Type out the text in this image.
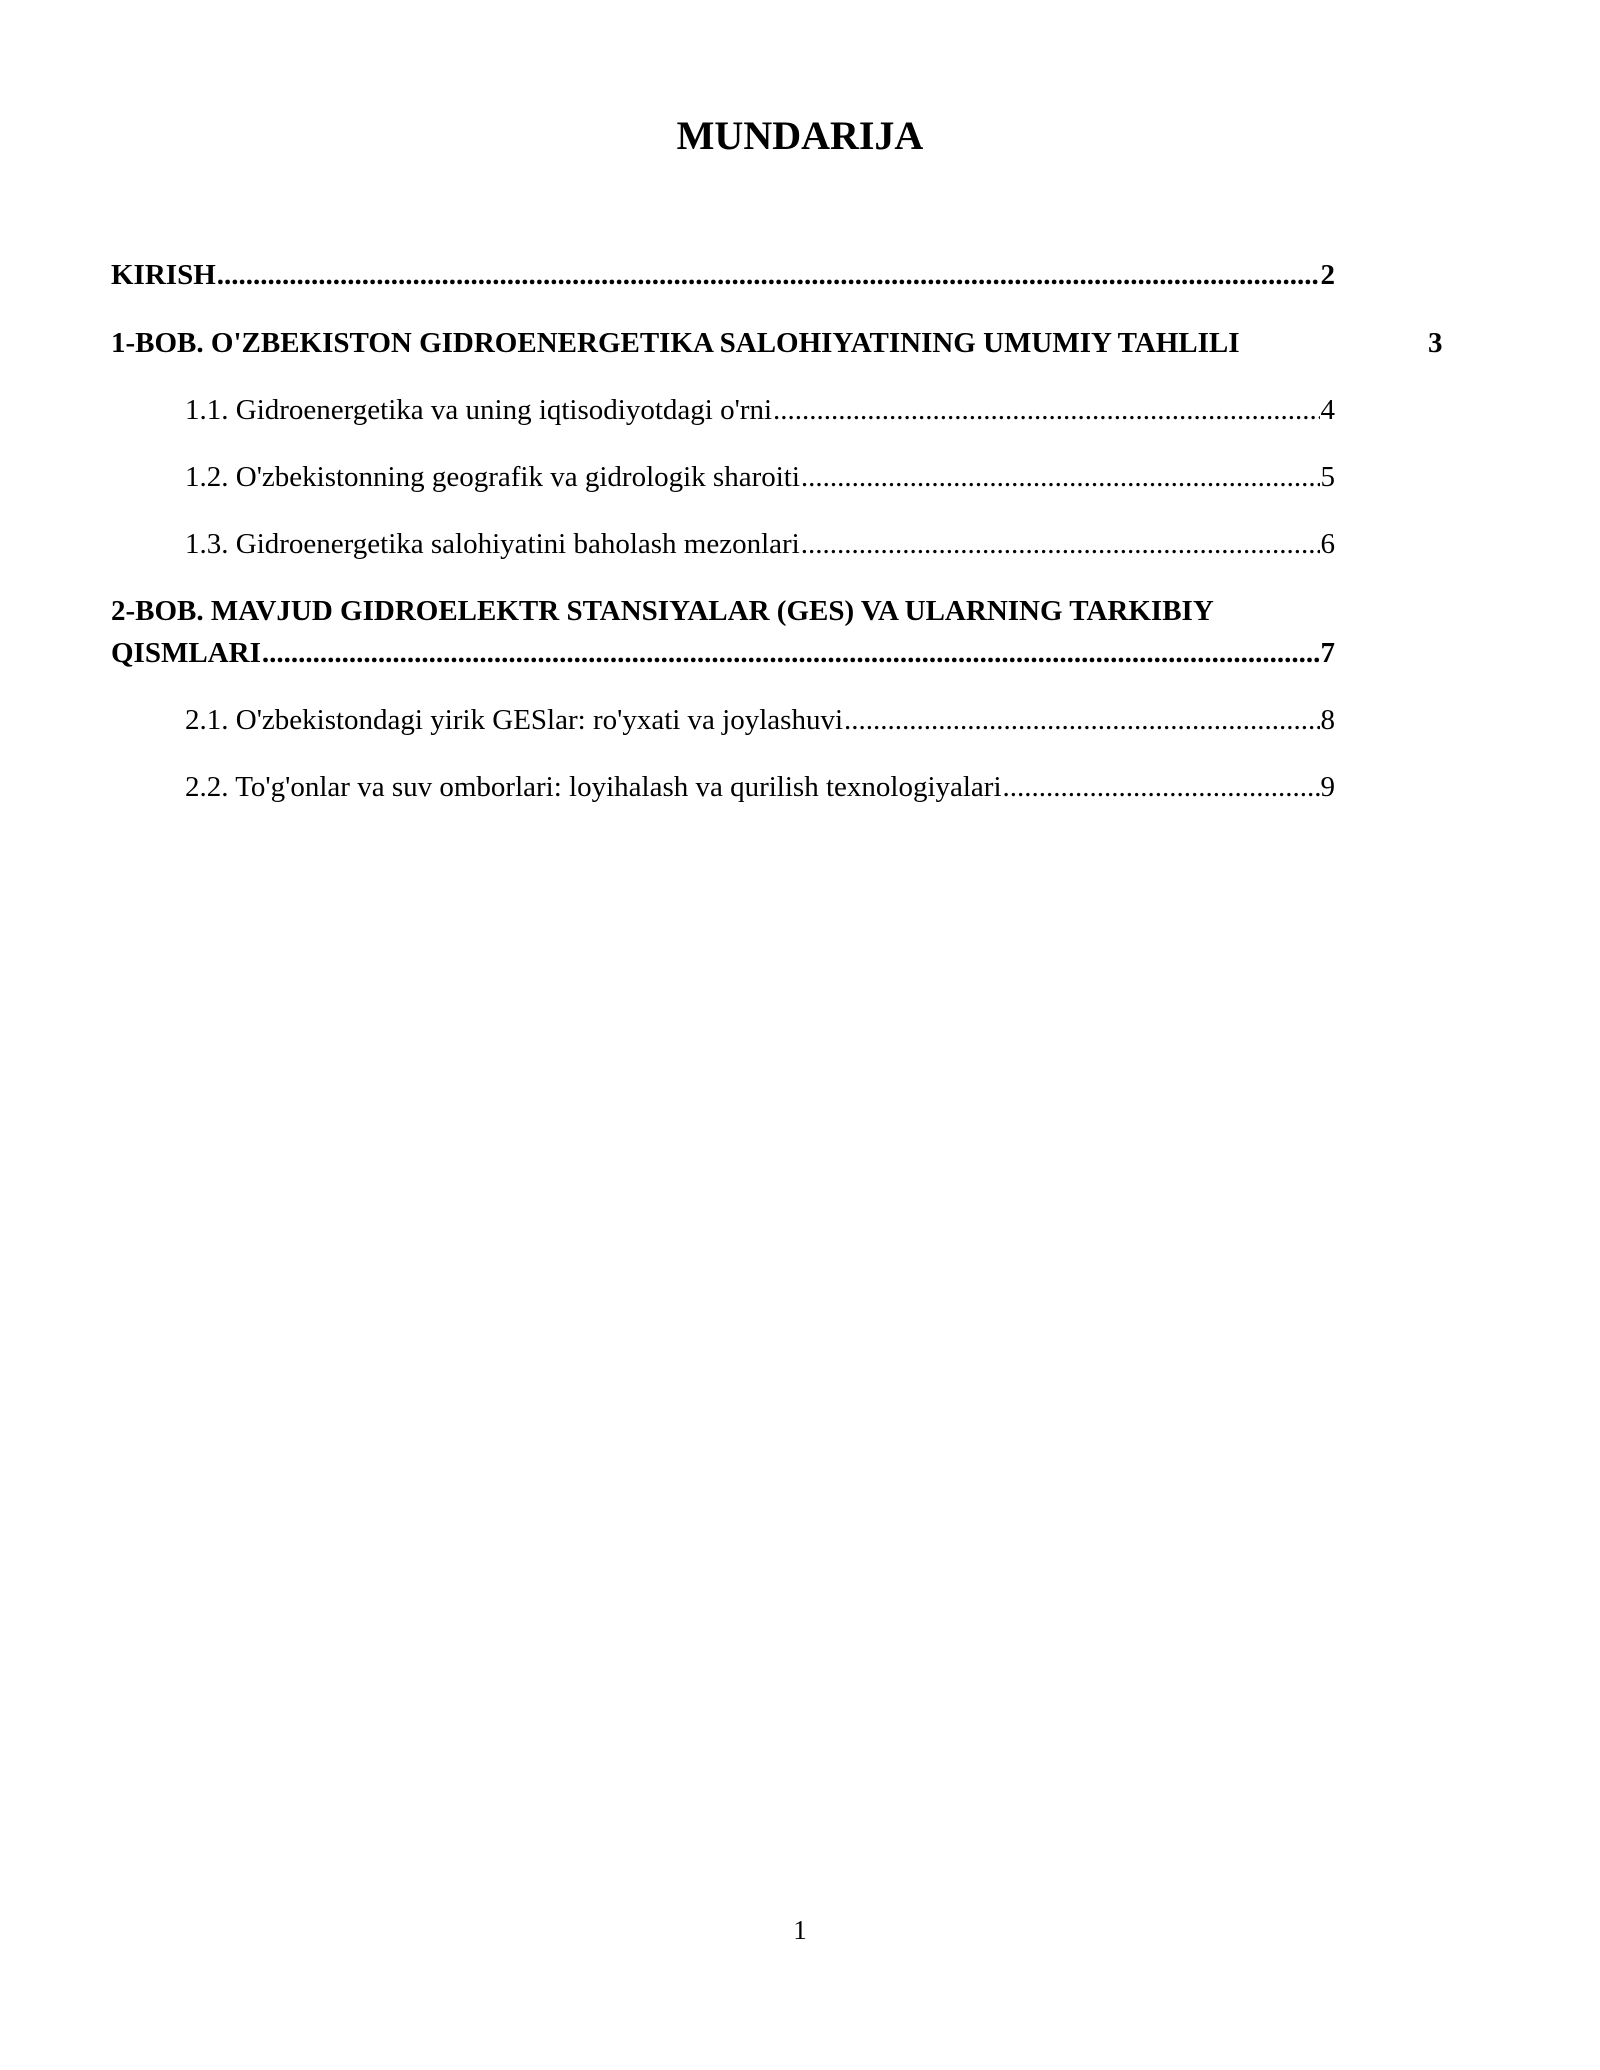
MUNDARIJA
KIRISH .....	2
1-BOB. O'ZBEKISTON GIDROENERGETIKA SALOHIYATINING UMUMIY TAHLILI	3
1.1. Gidroenergetika va uning iqtisodiyotdagi o'rni .....	4
1.2. O'zbekistonning geografik va gidrologik sharoiti .....	5
1.3. Gidroenergetika salohiyatini baholash mezonlari .....	6
2-BOB. MAVJUD GIDROELEKTR STANSIYALAR (GES) VA ULARNING TARKIBIY
QISMLARI .....	7
2.1. O'zbekistondagi yirik GESlar: ro'yxati va joylashuvi .....	8
2.2. To'g'onlar va suv omborlari: loyihalash va qurilish texnologiyalari .....	9
1
